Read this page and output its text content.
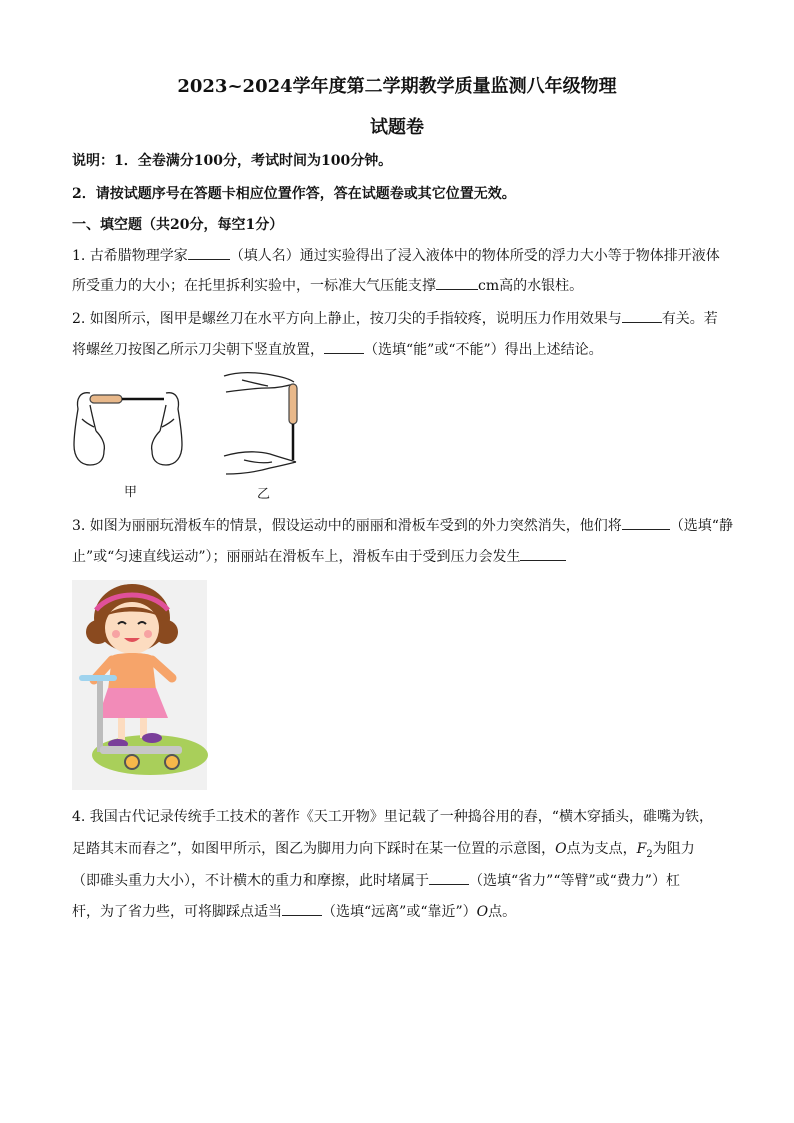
2023~2024学年度第二学期教学质量监测八年级物理
试题卷
说明：1．全卷满分100分，考试时间为100分钟。
2．请按试题序号在答题卡相应位置作答，答在试题卷或其它位置无效。
一、填空题（共20分，每空1分）
1. 古希腊物理学家	（填人名）通过实验得出了浸入液体中的物体所受的浮力大小等于物体排开液体
所受重力的大小；在托里拆利实验中，一标准大气压能支撑	cm高的水银柱。
2. 如图所示，图甲是螺丝刀在水平方向上静止，按刀尖的手指较疼，说明压力作用效果与	有关。若
将螺丝刀按图乙所示刀尖朝下竖直放置，	（选填“能”或“不能”）得出上述结论。
甲	乙
3. 如图为丽丽玩滑板车的情景，假设运动中的丽丽和滑板车受到的外力突然消失，他们将	（选填“静
止”或“匀速直线运动”）；丽丽站在滑板车上，滑板车由于受到压力会发生
4. 我国古代记录传统手工技术的著作《天工开物》里记载了一种捣谷用的舂，“横木穿插头，碓嘴为铁，
足踏其末而舂之”，如图甲所示，图乙为脚用力向下踩时在某一位置的示意图，O点为支点，$F_2$为阻力
（即碓头重力大小），不计横木的重力和摩擦，此时堵属于	（选填“省力”“等臂”或“费力”）杠
杆，为了省力些，可将脚踩点适当	（选填“远离”或“靠近”）O点。
